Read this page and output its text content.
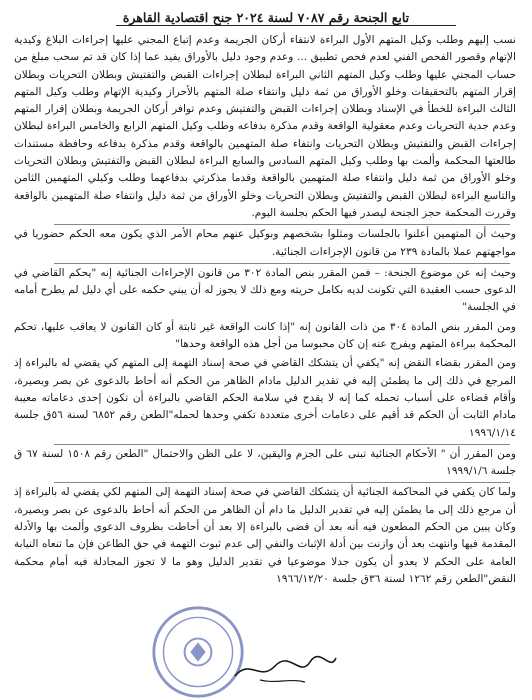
تابع الجنحة رقم ٧٠٨٧ لسنة ٢٠٢٤ جنح اقتصادية القاهرة

نسب إليهم وطلب وكيل المتهم الأول البراءة لانتفاء أركان الجريمة وعدم إتباع المجني عليها إجراءات البلاغ وكيدية الإتهام وقصور الفحص الفني لعدم فحص تطبيق ... وعدم وجود دليل بالأوراق يفيد عما إذا كان قد تم سحب مبلغ من حساب المجني عليها وطلب وكيل المتهم الثاني البراءة لبطلان إجراءات القبض والتفتيش وبطلان التحريات وبطلان إقرار المتهم بالتحقيقات وخلو الأوراق من ثمة دليل وانتفاء صلة المتهم بالأحراز وكيدية الإتهام وطلب وكيل المتهم الثالث البراءة للخطأ في الإسناد وبطلان إجراءات القبض والتفتيش وعدم توافر أركان الجريمة وبطلان إقرار المتهم وعدم جدية التحريات وعدم معقولية الواقعة وقدم مذكرة بدفاعه وطلب وكيل المتهم الرابع والخامس البراءة لبطلان إجراءات القبض والتفتيش وبطلان التحريات وانتفاء صلة المتهمين بالواقعة وقدم مذكرة بدفاعه وحافظة مستندات طالعتها المحكمة وألمت بها وطلب وكيل المتهم السادس والسابع البراءة لبطلان القبض والتفتيش وبطلان التحريات وخلو الأوراق من ثمة دليل وانتفاء صلة المتهمين بالواقعة وقدما مذكرتي بدفاعهما وطلب وكيلي المتهمين الثامن والتاسع البراءة لبطلان القبض والتفتيش وبطلان التحريات وخلو الأوراق من ثمة دليل وانتفاء صلة المتهمين بالواقعة وقررت المحكمة حجز الجنحة ليصدر فيها الحكم بجلسة اليوم.

وحيث أن المتهمين أعلنوا بالجلسات ومثلوا بشخصهم وبوكيل عنهم محام الأمر الذي يكون معه الحكم حضوريا في مواجهتهم عملا بالمادة ٢٣٩ من قانون الإجراءات الجنائية.

وحيث إنه عن موضوع الجنحة: – فمن المقرر بنص المادة ٣٠٢ من قانون الإجراءات الجنائية إنه "يحكم القاضي في الدعوى حسب العقيدة التي تكونت لديه بكامل حريته ومع ذلك لا يجوز له أن يبني حكمه على أي دليل لم يطرح أمامه في الجلسة"

ومن المقرر بنص المادة ٣٠٤ من ذات القانون إنه "إذا كانت الواقعة غير ثابتة أو كان القانون لا يعاقب عليها، تحكم المحكمة ببراءة المتهم ويفرج عنه إن كان محبوسا من أجل هذه الواقعة وحدها"

ومن المقرر بقضاء النقض إنه "يكفي أن يتشكك القاضي في صحة إسناد التهمة إلى المتهم كي يقضي له بالبراءة إذ المرجع في ذلك إلى ما يطمئن إليه في تقدير الدليل مادام الظاهر من الحكم أنه أحاط بالدعوى عن بصر وبصيرة، وأقام قضاءه على أسباب تحمله كما إنه لا يقدح في سلامة الحكم القاضي بالبراءة أن تكون إحدى دعاماته معيبة مادام الثابت أن الحكم قد أقيم على دعامات أخرى متعددة تكفي وحدها لحمله"الطعن رقم ٦٨٥٢ لسنة ٥٦ق جلسة ١٩٩٦/١/١٤

ومن المقرر أن " الأحكام الجنائية تبنى على الجزم واليقين، لا على الظن والاحتمال "الطعن رقم ١٥٠٨ لسنة ٦٧ ق جلسة ١٩٩٩/١/٦

ولما كان يكفي في المحاكمة الجنائية أن يتشكك القاضي في صحة إسناد التهمة إلى المتهم لكي يقضي له بالبراءة إذ أن مرجع ذلك إلى ما يطمئن إليه في تقدير الدليل ما دام أن الظاهر من الحكم أنه أحاط بالدعوى عن بصر وبصيرة، وكان يبين من الحكم المطعون فيه أنه بعد أن قضى بالبراءة إلا بعد أن أحاطت بظروف الدعوى وألمت بها والأدلة المقدمة فيها وانتهت بعد أن وازنت بين أدلة الإثبات والنفي إلى عدم ثبوت التهمة في حق الطاعن فإن ما تنعاه النيابة العامة على الحكم لا يعدو أن يكون جدلا موضوعيا في تقدير الدليل وهو ما لا تجوز المجادلة فيه أمام محكمة النقض"الطعن رقم ١٢٦٢ لسنة ٣٦ق جلسة ١٩٦٦/١٢/٢٠
